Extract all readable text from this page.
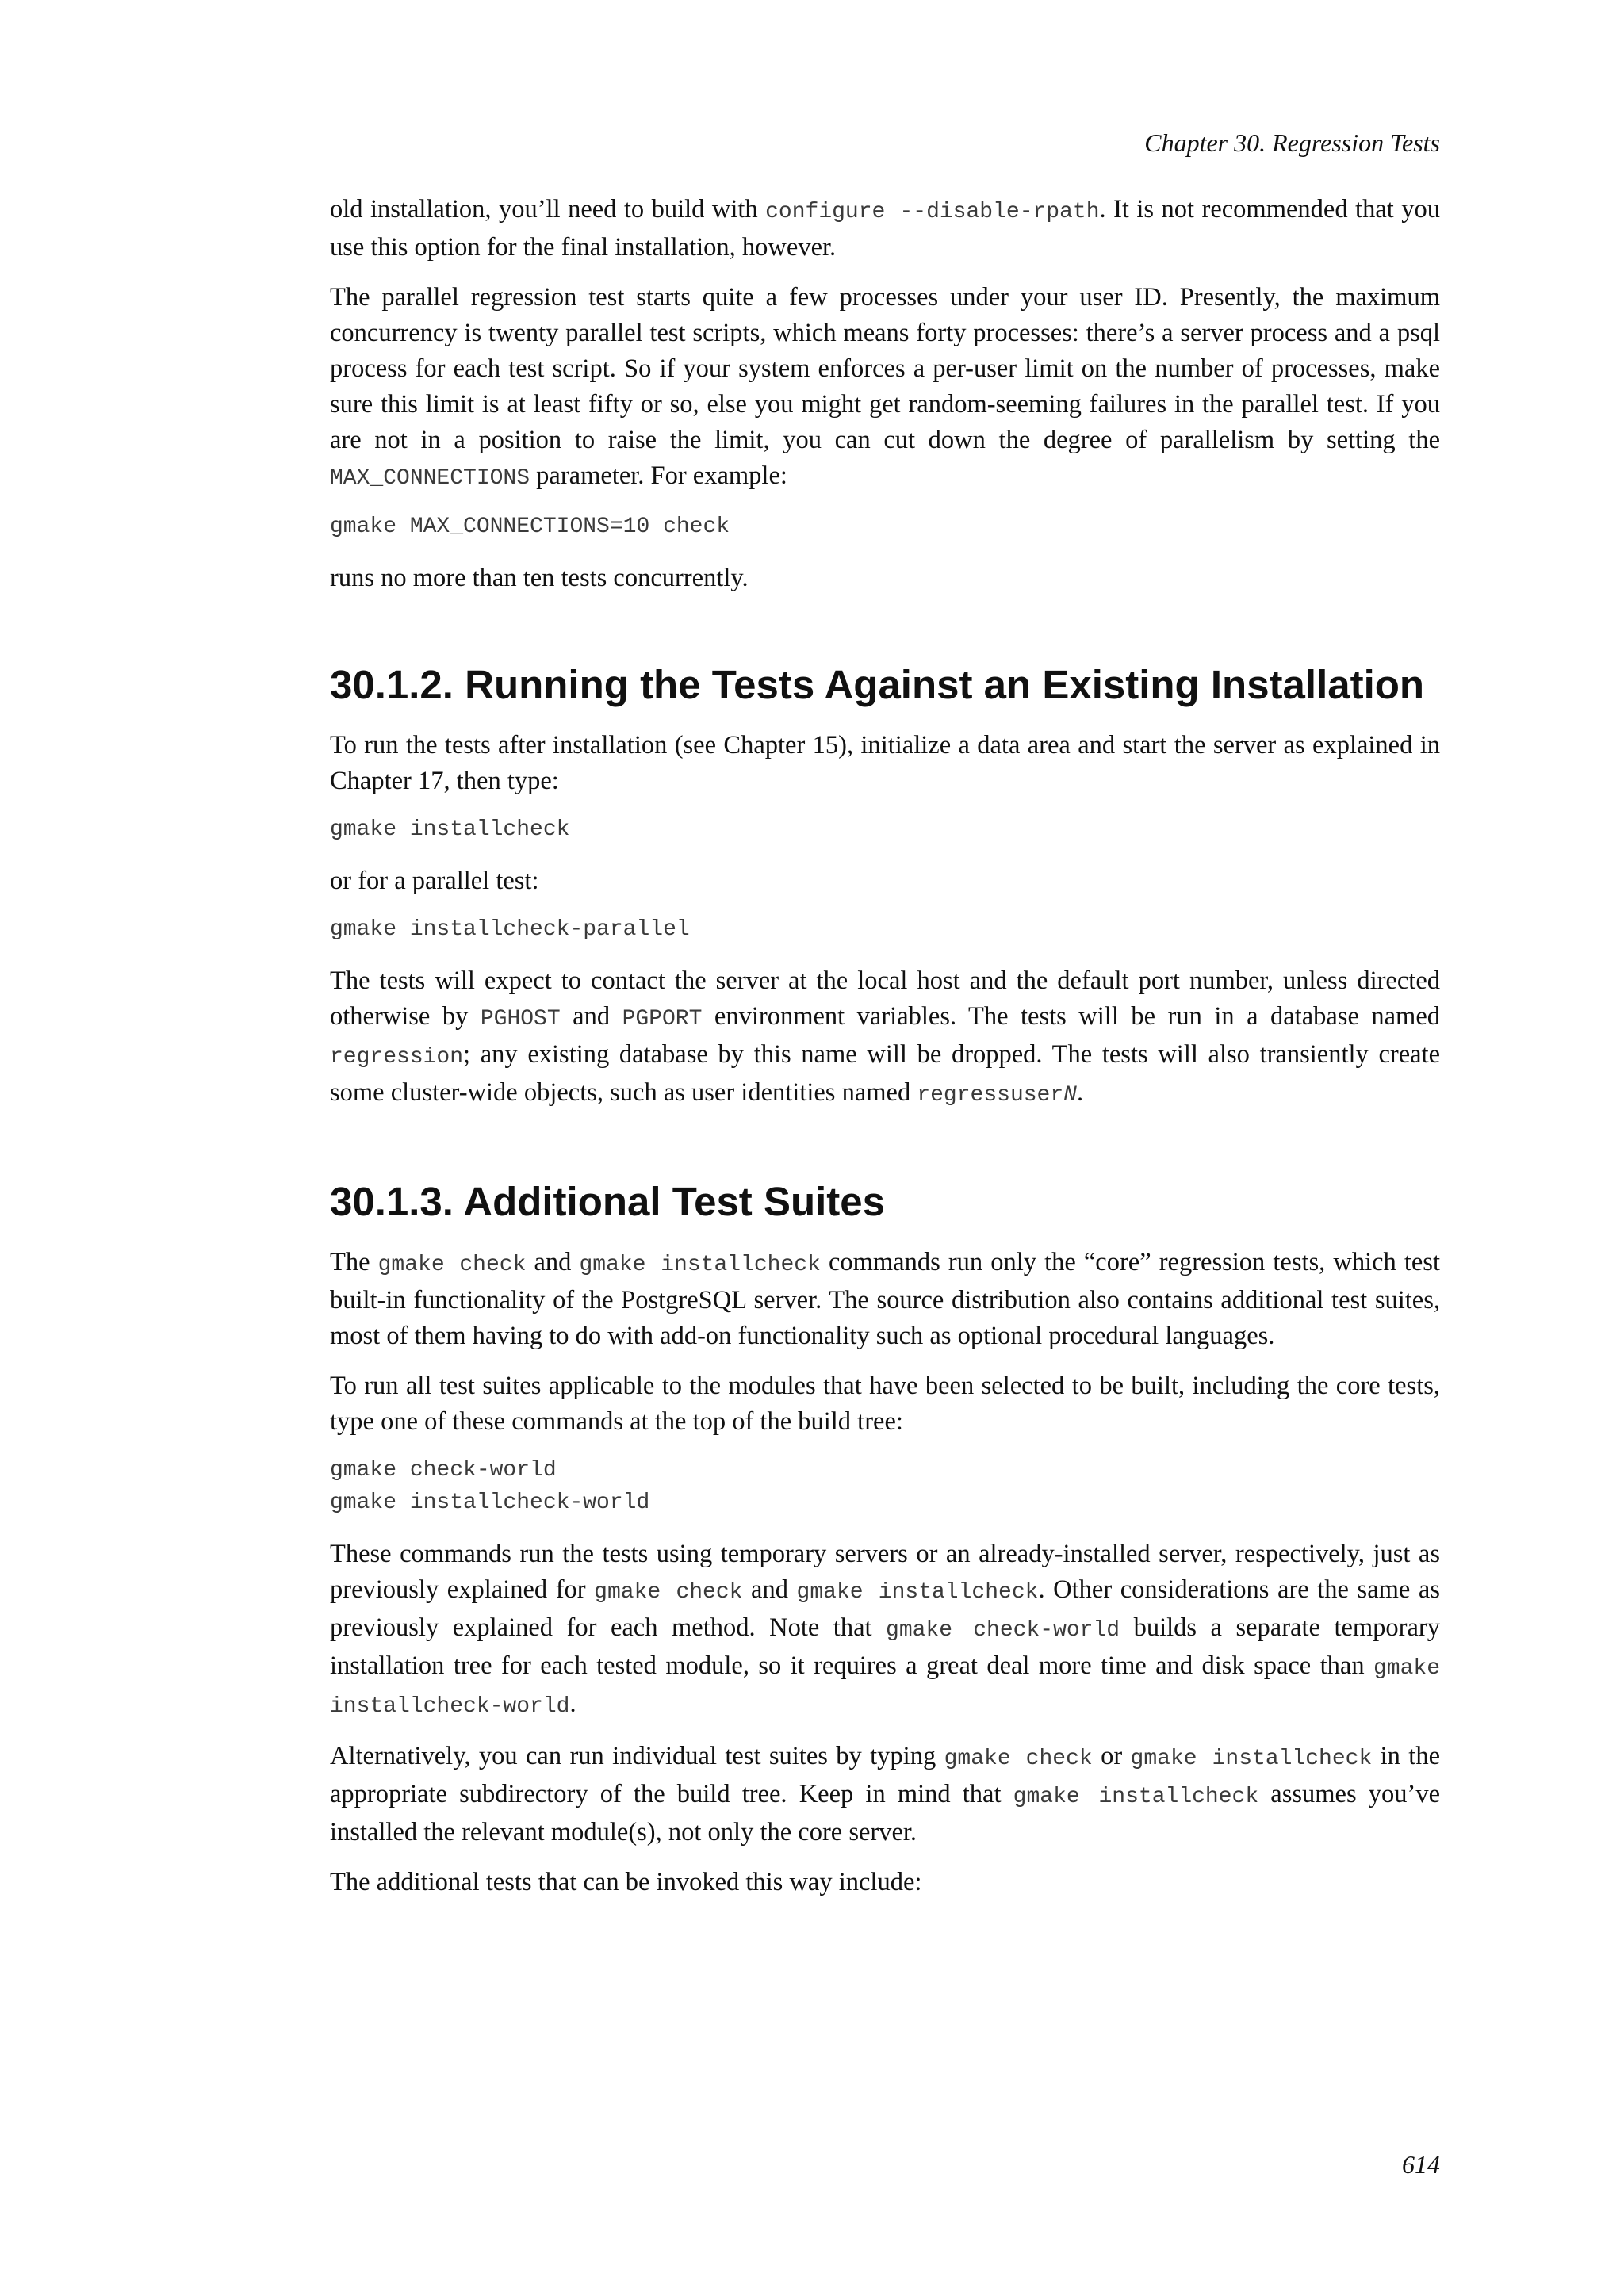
Chapter 30. Regression Tests

old installation, you’ll need to build with configure --disable-rpath. It is not recommended that you use this option for the final installation, however.

The parallel regression test starts quite a few processes under your user ID. Presently, the maximum concurrency is twenty parallel test scripts, which means forty processes: there’s a server process and a psql process for each test script. So if your system enforces a per-user limit on the number of processes, make sure this limit is at least fifty or so, else you might get random-seeming failures in the parallel test. If you are not in a position to raise the limit, you can cut down the degree of parallelism by setting the MAX_CONNECTIONS parameter. For example:

gmake MAX_CONNECTIONS=10 check

runs no more than ten tests concurrently.

30.1.2. Running the Tests Against an Existing Installation

To run the tests after installation (see Chapter 15), initialize a data area and start the server as explained in Chapter 17, then type:

gmake installcheck

or for a parallel test:

gmake installcheck-parallel

The tests will expect to contact the server at the local host and the default port number, unless directed otherwise by PGHOST and PGPORT environment variables. The tests will be run in a database named regression; any existing database by this name will be dropped. The tests will also transiently create some cluster-wide objects, such as user identities named regressuserN.

30.1.3. Additional Test Suites

The gmake check and gmake installcheck commands run only the “core” regression tests, which test built-in functionality of the PostgreSQL server. The source distribution also contains additional test suites, most of them having to do with add-on functionality such as optional procedural languages.

To run all test suites applicable to the modules that have been selected to be built, including the core tests, type one of these commands at the top of the build tree:

gmake check-world
gmake installcheck-world

These commands run the tests using temporary servers or an already-installed server, respectively, just as previously explained for gmake check and gmake installcheck. Other considerations are the same as previously explained for each method. Note that gmake check-world builds a separate temporary installation tree for each tested module, so it requires a great deal more time and disk space than gmake installcheck-world.

Alternatively, you can run individual test suites by typing gmake check or gmake installcheck in the appropriate subdirectory of the build tree. Keep in mind that gmake installcheck assumes you’ve installed the relevant module(s), not only the core server.

The additional tests that can be invoked this way include:

614
